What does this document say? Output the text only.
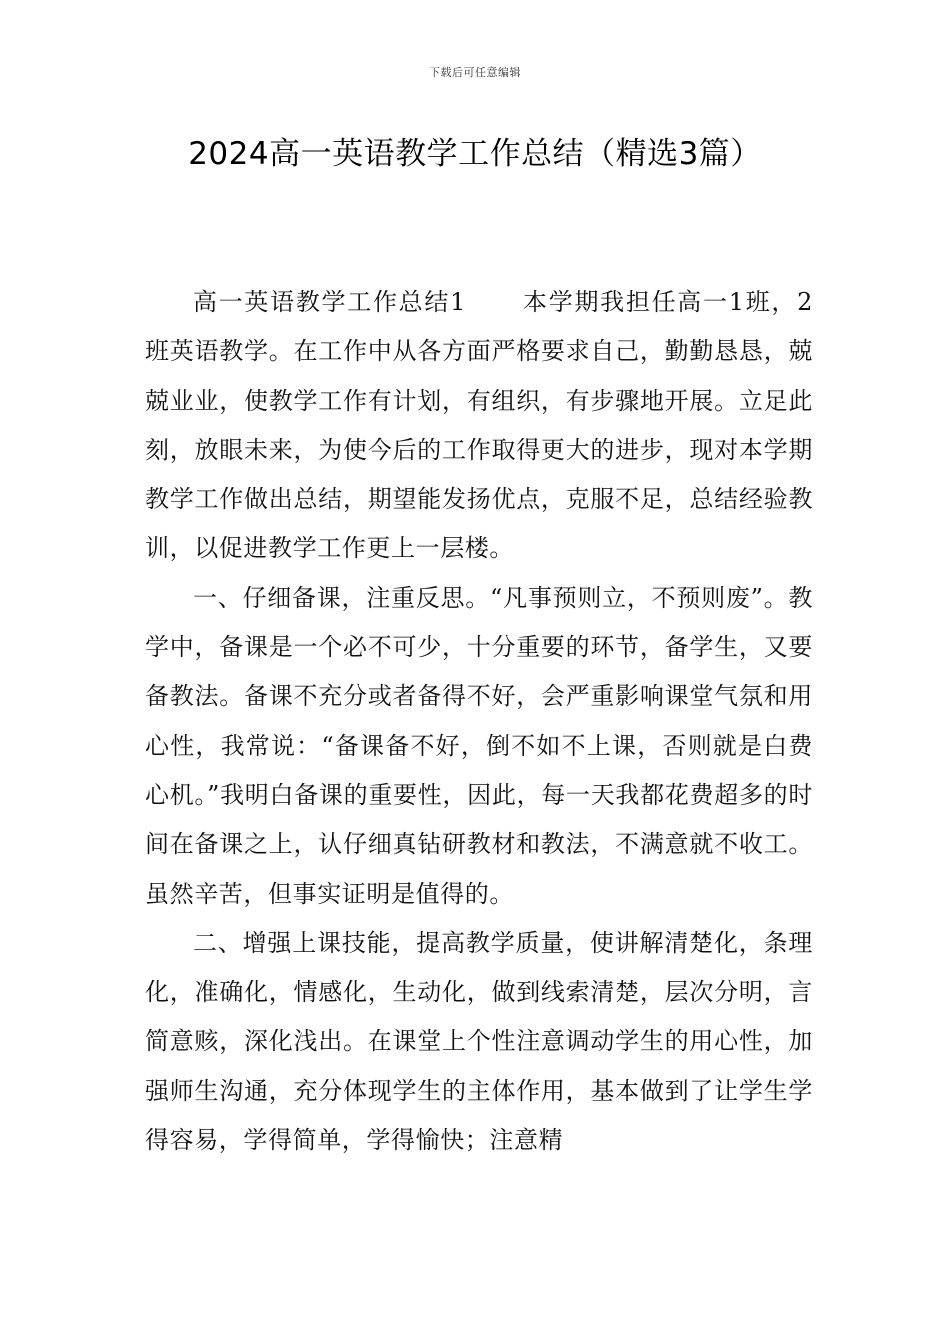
下载后可任意编辑
2024高一英语教学工作总结（精选3篇）

高一英语教学工作总结1 本学期我担任高一1班，2班英语教学。在工作中从各方面严格要求自己，勤勤恳恳，兢兢业业，使教学工作有计划，有组织，有步骤地开展。立足此刻，放眼未来，为使今后的工作取得更大的进步，现对本学期教学工作做出总结，期望能发扬优点，克服不足，总结经验教训，以促进教学工作更上一层楼。

一、仔细备课，注重反思。“凡事预则立，不预则废”。教学中，备课是一个必不可少，十分重要的环节，备学生，又要备教法。备课不充分或者备得不好，会严重影响课堂气氛和用心性，我常说：“备课备不好，倒不如不上课，否则就是白费心机。”我明白备课的重要性，因此，每一天我都花费超多的时间在备课之上，认仔细真钻研教材和教法，不满意就不收工。虽然辛苦，但事实证明是值得的。

二、增强上课技能，提高教学质量，使讲解清楚化，条理化，准确化，情感化，生动化，做到线索清楚，层次分明，言简意赅，深化浅出。在课堂上个性注意调动学生的用心性，加强师生沟通，充分体现学生的主体作用，基本做到了让学生学得容易，学得简单，学得愉快；注意精
